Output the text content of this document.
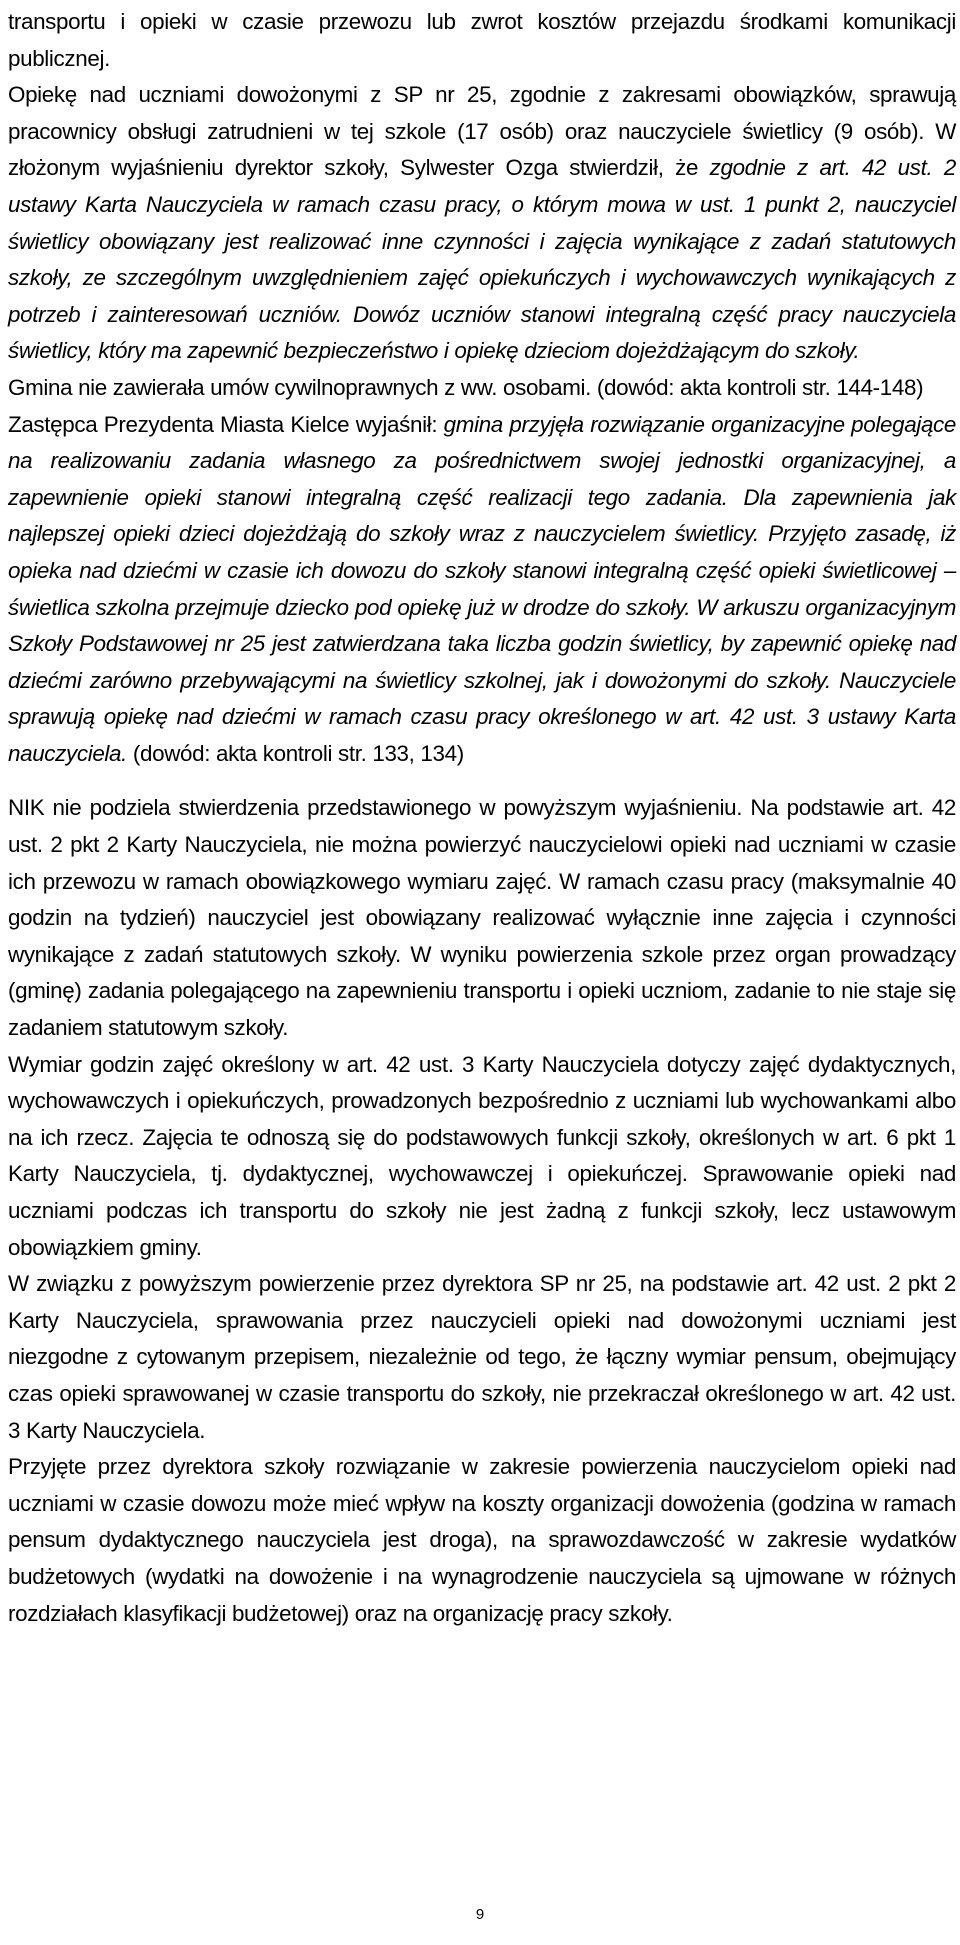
transportu i opieki w czasie przewozu lub zwrot kosztów przejazdu środkami komunikacji publicznej.

Opiekę nad uczniami dowożonymi z SP nr 25, zgodnie z zakresami obowiązków, sprawują pracownicy obsługi zatrudnieni w tej szkole (17 osób) oraz nauczyciele świetlicy (9 osób). W złożonym wyjaśnieniu dyrektor szkoły, Sylwester Ozga stwierdził, że zgodnie z art. 42 ust. 2 ustawy Karta Nauczyciela w ramach czasu pracy, o którym mowa w ust. 1 punkt 2, nauczyciel świetlicy obowiązany jest realizować inne czynności i zajęcia wynikające z zadań statutowych szkoły, ze szczególnym uwzględnieniem zajęć opiekuńczych i wychowawczych wynikających z potrzeb i zainteresowań uczniów. Dowóz uczniów stanowi integralną część pracy nauczyciela świetlicy, który ma zapewnić bezpieczeństwo i opiekę dzieciom dojeżdżającym do szkoły.

Gmina nie zawierała umów cywilnoprawnych z ww. osobami. (dowód: akta kontroli str. 144-148)

Zastępca Prezydenta Miasta Kielce wyjaśnił: gmina przyjęła rozwiązanie organizacyjne polegające na realizowaniu zadania własnego za pośrednictwem swojej jednostki organizacyjnej, a zapewnienie opieki stanowi integralną część realizacji tego zadania. Dla zapewnienia jak najlepszej opieki dzieci dojeżdżają do szkoły wraz z nauczycielem świetlicy. Przyjęto zasadę, iż opieka nad dziećmi w czasie ich dowozu do szkoły stanowi integralną część opieki świetlicowej – świetlica szkolna przejmuje dziecko pod opiekę już w drodze do szkoły. W arkuszu organizacyjnym Szkoły Podstawowej nr 25 jest zatwierdzana taka liczba godzin świetlicy, by zapewnić opiekę nad dziećmi zarówno przebywającymi na świetlicy szkolnej, jak i dowożonymi do szkoły. Nauczyciele sprawują opiekę nad dziećmi w ramach czasu pracy określonego w art. 42 ust. 3 ustawy Karta nauczyciela. (dowód: akta kontroli str. 133, 134)

NIK nie podziela stwierdzenia przedstawionego w powyższym wyjaśnieniu. Na podstawie art. 42 ust. 2 pkt 2 Karty Nauczyciela, nie można powierzyć nauczycielowi opieki nad uczniami w czasie ich przewozu w ramach obowiązkowego wymiaru zajęć. W ramach czasu pracy (maksymalnie 40 godzin na tydzień) nauczyciel jest obowiązany realizować wyłącznie inne zajęcia i czynności wynikające z zadań statutowych szkoły. W wyniku powierzenia szkole przez organ prowadzący (gminę) zadania polegającego na zapewnieniu transportu i opieki uczniom, zadanie to nie staje się zadaniem statutowym szkoły.

Wymiar godzin zajęć określony w art. 42 ust. 3 Karty Nauczyciela dotyczy zajęć dydaktycznych, wychowawczych i opiekuńczych, prowadzonych bezpośrednio z uczniami lub wychowankami albo na ich rzecz. Zajęcia te odnoszą się do podstawowych funkcji szkoły, określonych w art. 6 pkt 1 Karty Nauczyciela, tj. dydaktycznej, wychowawczej i opiekuńczej. Sprawowanie opieki nad uczniami podczas ich transportu do szkoły nie jest żadną z funkcji szkoły, lecz ustawowym obowiązkiem gminy.

W związku z powyższym powierzenie przez dyrektora SP nr 25, na podstawie art. 42 ust. 2 pkt 2 Karty Nauczyciela, sprawowania przez nauczycieli opieki nad dowożonymi uczniami jest niezgodne z cytowanym przepisem, niezależnie od tego, że łączny wymiar pensum, obejmujący czas opieki sprawowanej w czasie transportu do szkoły, nie przekraczał określonego w art. 42 ust. 3 Karty Nauczyciela.

Przyjęte przez dyrektora szkoły rozwiązanie w zakresie powierzenia nauczycielom opieki nad uczniami w czasie dowozu może mieć wpływ na koszty organizacji dowożenia (godzina w ramach pensum dydaktycznego nauczyciela jest droga), na sprawozdawczość w zakresie wydatków budżetowych (wydatki na dowożenie i na wynagrodzenie nauczyciela są ujmowane w różnych rozdziałach klasyfikacji budżetowej) oraz na organizację pracy szkoły.

9
